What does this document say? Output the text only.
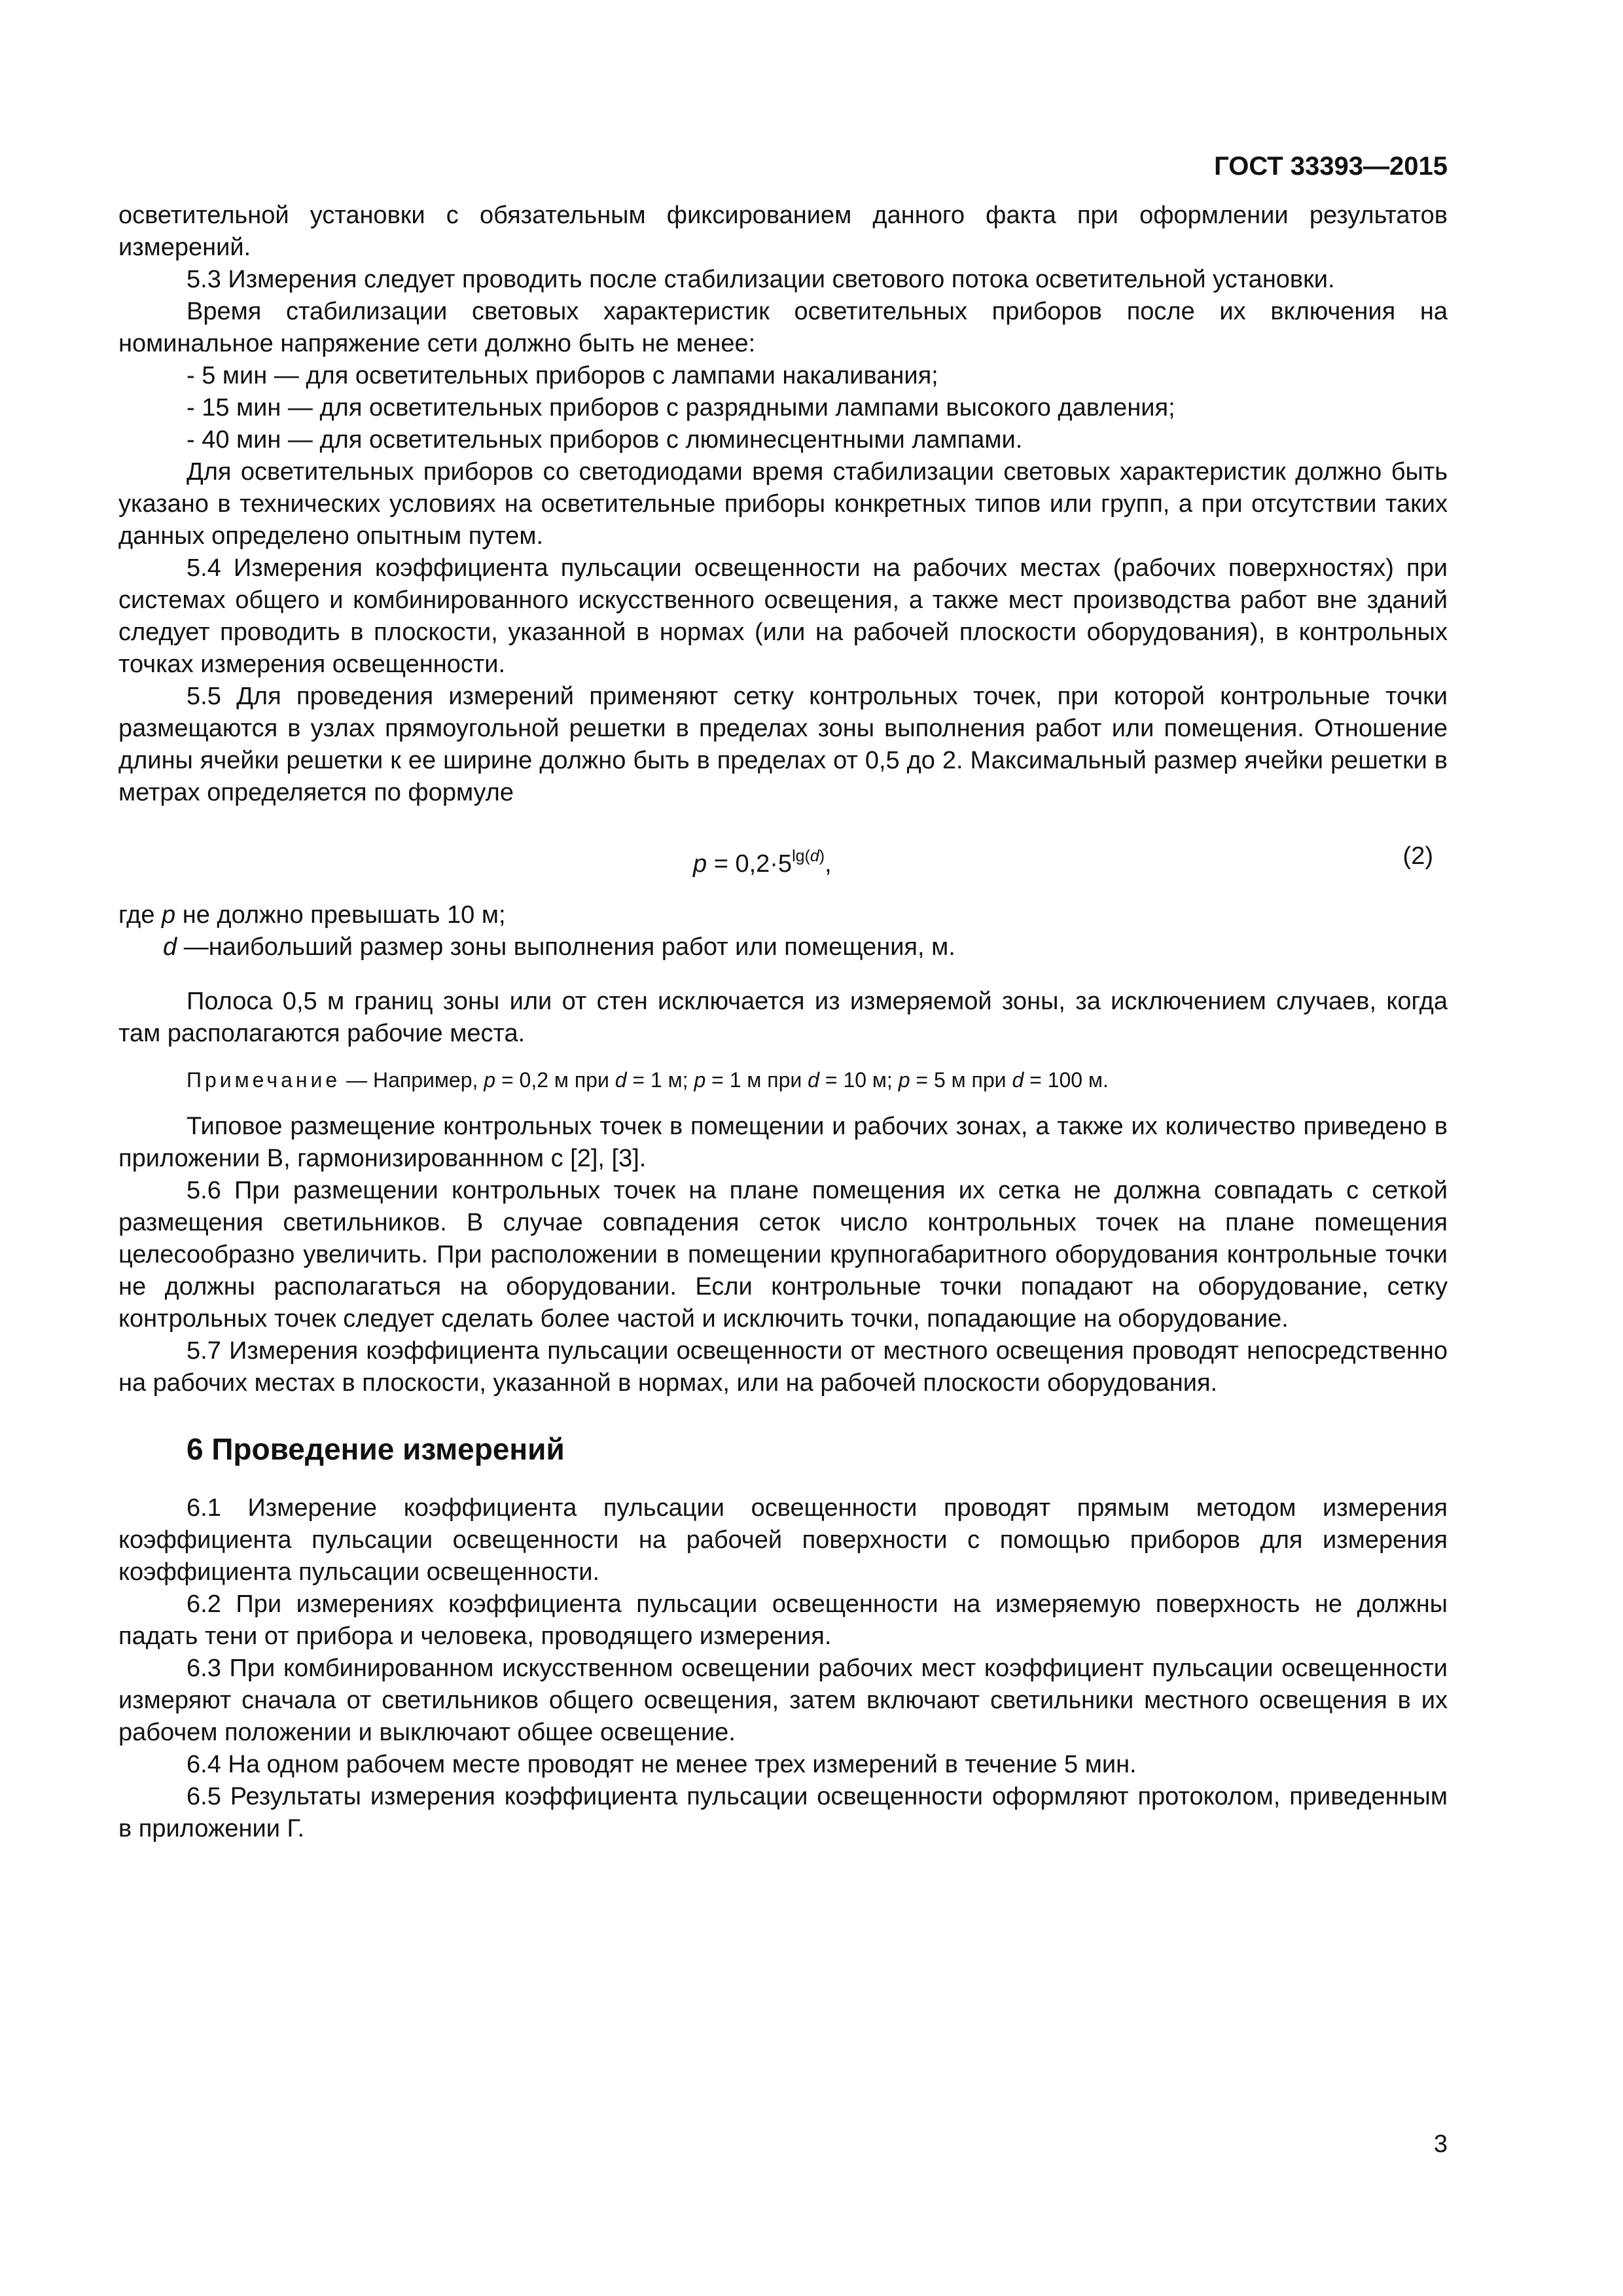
ГОСТ 33393—2015

осветительной установки с обязательным фиксированием данного факта при оформлении результатов измерений.

5.3 Измерения следует проводить после стабилизации светового потока осветительной установки.

Время стабилизации световых характеристик осветительных приборов после их включения на номинальное напряжение сети должно быть не менее:

- 5 мин — для осветительных приборов с лампами накаливания;

- 15 мин — для осветительных приборов с разрядными лампами высокого давления;

- 40 мин — для осветительных приборов с люминесцентными лампами.

Для осветительных приборов со светодиодами время стабилизации световых характеристик должно быть указано в технических условиях на осветительные приборы конкретных типов или групп, а при отсутствии таких данных определено опытным путем.

5.4 Измерения коэффициента пульсации освещенности на рабочих местах (рабочих поверхностях) при системах общего и комбинированного искусственного освещения, а также мест производства работ вне зданий следует проводить в плоскости, указанной в нормах (или на рабочей плоскости оборудования), в контрольных точках измерения освещенности.

5.5 Для проведения измерений применяют сетку контрольных точек, при которой контрольные точки размещаются в узлах прямоугольной решетки в пределах зоны выполнения работ или помещения. Отношение длины ячейки решетки к ее ширине должно быть в пределах от 0,5 до 2. Максимальный размер ячейки решетки в метрах определяется по формуле

$p = 0,2\cdot 5^{lg(d)}$,	(2)

где p не должно превышать 10 м;

d —наибольший размер зоны выполнения работ или помещения, м.

Полоса 0,5 м границ зоны или от стен исключается из измеряемой зоны, за исключением случаев, когда там располагаются рабочие места.

Примечание — Например, p = 0,2 м при d = 1 м; p = 1 м при d = 10 м; p = 5 м при d = 100 м.

Типовое размещение контрольных точек в помещении и рабочих зонах, а также их количество приведено в приложении В, гармонизированнном с [2], [3].

5.6 При размещении контрольных точек на плане помещения их сетка не должна совпадать с сеткой размещения светильников. В случае совпадения сеток число контрольных точек на плане помещения целесообразно увеличить. При расположении в помещении крупногабаритного оборудования контрольные точки не должны располагаться на оборудовании. Если контрольные точки попадают на оборудование, сетку контрольных точек следует сделать более частой и исключить точки, попадающие на оборудование.

5.7 Измерения коэффициента пульсации освещенности от местного освещения проводят непосредственно на рабочих местах в плоскости, указанной в нормах, или на рабочей плоскости оборудования.

6 Проведение измерений

6.1 Измерение коэффициента пульсации освещенности проводят прямым методом измерения коэффициента пульсации освещенности на рабочей поверхности с помощью приборов для измерения коэффициента пульсации освещенности.

6.2 При измерениях коэффициента пульсации освещенности на измеряемую поверхность не должны падать тени от прибора и человека, проводящего измерения.

6.3 При комбинированном искусственном освещении рабочих мест коэффициент пульсации освещенности измеряют сначала от светильников общего освещения, затем включают светильники местного освещения в их рабочем положении и выключают общее освещение.

6.4 На одном рабочем месте проводят не менее трех измерений в течение 5 мин.

6.5 Результаты измерения коэффициента пульсации освещенности оформляют протоколом, приведенным в приложении Г.

3
